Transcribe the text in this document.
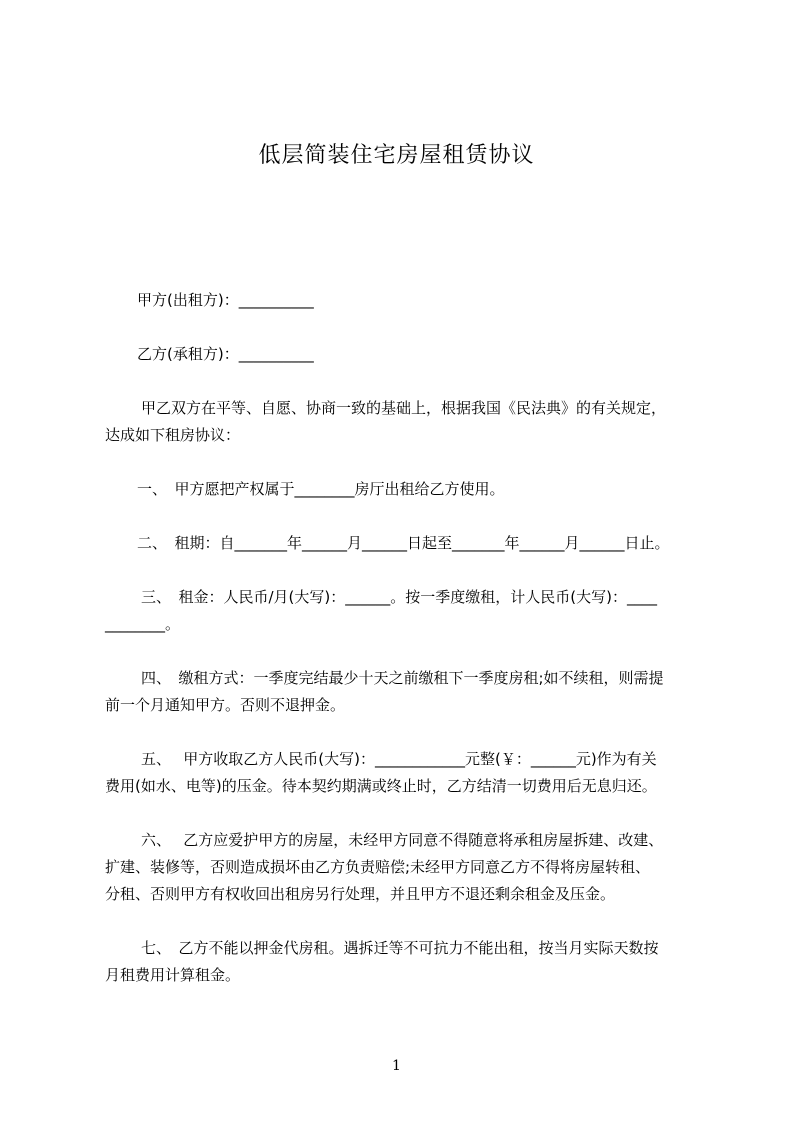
低层简装住宅房屋租赁协议
甲方(出租方)：__________
乙方(承租方)：__________
甲乙双方在平等、自愿、协商一致的基础上，根据我国《民法典》的有关规定，
达成如下租房协议：
一、　甲方愿把产权属于________房厅出租给乙方使用。
二、　租期：自_______年______月______日起至_______年______月______日止。
三、　租金：人民币/月(大写)：______。按一季度缴租，计人民币(大写)：____
________。
四、　缴租方式：一季度完结最少十天之前缴租下一季度房租;如不续租，则需提
前一个月通知甲方。否则不退押金。
五、　 甲方收取乙方人民币(大写)：____________元整(￥：______元)作为有关
费用(如水、电等)的压金。待本契约期满或终止时，乙方结清一切费用后无息归还。
六、　 乙方应爱护甲方的房屋，未经甲方同意不得随意将承租房屋拆建、改建、
扩建、装修等，否则造成损坏由乙方负责赔偿;未经甲方同意乙方不得将房屋转租、
分租、否则甲方有权收回出租房另行处理，并且甲方不退还剩余租金及压金。
七、　乙方不能以押金代房租。遇拆迁等不可抗力不能出租，按当月实际天数按
月租费用计算租金。
1
